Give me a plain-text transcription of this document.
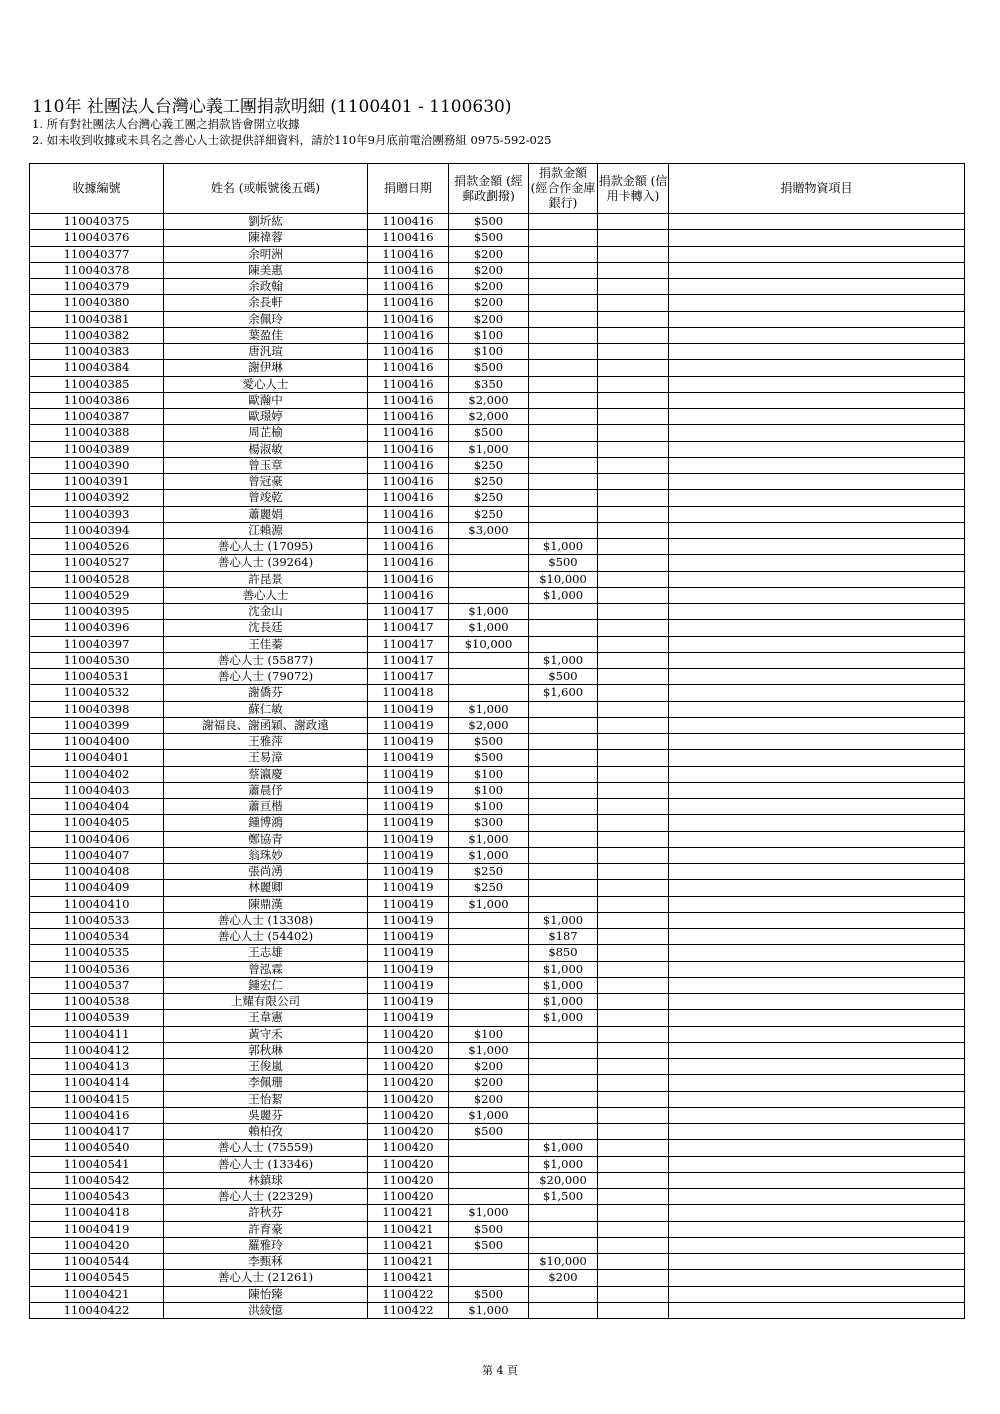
110年 社團法人台灣心義工團捐款明細 (1100401 - 1100630)
1. 所有對社團法人台灣心義工團之捐款皆會開立收據
2. 如未收到收據或未具名之善心人士欲提供詳細資料，請於110年9月底前電洽團務組 0975-592-025
收據編號	姓名 (或帳號後五碼)	捐贈日期	捐款金額 (經郵政劃撥)	捐款金額 (經合作金庫銀行)	捐款金額 (信用卡轉入)	捐贈物資項目
110040375	劉圻紘	1100416	$500			
110040376	陳禕蓉	1100416	$500			
110040377	余明洲	1100416	$200			
110040378	陳美惠	1100416	$200			
110040379	余政翰	1100416	$200			
110040380	余長軒	1100416	$200			
110040381	余佩玲	1100416	$200			
110040382	葉盈佳	1100416	$100			
110040383	唐汎瑄	1100416	$100			
110040384	謝伊琳	1100416	$500			
110040385	愛心人士	1100416	$350			
110040386	歐瀚中	1100416	$2,000			
110040387	歐璟婷	1100416	$2,000			
110040388	周芷榆	1100416	$500			
110040389	楊淑敏	1100416	$1,000			
110040390	曾玉章	1100416	$250			
110040391	曾冠豪	1100416	$250			
110040392	曾竣乾	1100416	$250			
110040393	蕭麗娟	1100416	$250			
110040394	江賴源	1100416	$3,000			
110040526	善心人士 (17095)	1100416		$1,000		
110040527	善心人士 (39264)	1100416		$500		
110040528	許昆景	1100416		$10,000		
110040529	善心人士	1100416		$1,000		
110040395	沈金山	1100417	$1,000			
110040396	沈長廷	1100417	$1,000			
110040397	王佳蓁	1100417	$10,000			
110040530	善心人士 (55877)	1100417		$1,000		
110040531	善心人士 (79072)	1100417		$500		
110040532	謝僑芬	1100418		$1,600		
110040398	蘇仁敏	1100419	$1,000			
110040399	謝福良、謝函穎、謝政遠	1100419	$2,000			
110040400	王雅萍	1100419	$500			
110040401	王易漳	1100419	$500			
110040402	蔡瀛慶	1100419	$100			
110040403	蕭晨伃	1100419	$100			
110040404	蕭亘楷	1100419	$100			
110040405	鍾博鴻	1100419	$300			
110040406	鄭協青	1100419	$1,000			
110040407	翁珠妙	1100419	$1,000			
110040408	張尚湧	1100419	$250			
110040409	林麗卿	1100419	$250			
110040410	陳鼎漢	1100419	$1,000			
110040533	善心人士 (13308)	1100419		$1,000		
110040534	善心人士 (54402)	1100419		$187		
110040535	王志雄	1100419		$850		
110040536	曾泓霖	1100419		$1,000		
110040537	鍾宏仁	1100419		$1,000		
110040538	上耀有限公司	1100419		$1,000		
110040539	王韋憲	1100419		$1,000		
110040411	黃守禾	1100420	$100			
110040412	郭秋琳	1100420	$1,000			
110040413	王俊嵐	1100420	$200			
110040414	李佩珊	1100420	$200			
110040415	王怡絜	1100420	$200			
110040416	吳麗芬	1100420	$1,000			
110040417	賴柏孜	1100420	$500			
110040540	善心人士 (75559)	1100420		$1,000		
110040541	善心人士 (13346)	1100420		$1,000		
110040542	林鎮球	1100420		$20,000		
110040543	善心人士 (22329)	1100420		$1,500		
110040418	許秋芬	1100421	$1,000			
110040419	許育豪	1100421	$500			
110040420	羅雅玲	1100421	$500			
110040544	李甄秝	1100421		$10,000		
110040545	善心人士 (21261)	1100421		$200		
110040421	陳怡臻	1100422	$500			
110040422	洪綾憶	1100422	$1,000			
第 4 頁
